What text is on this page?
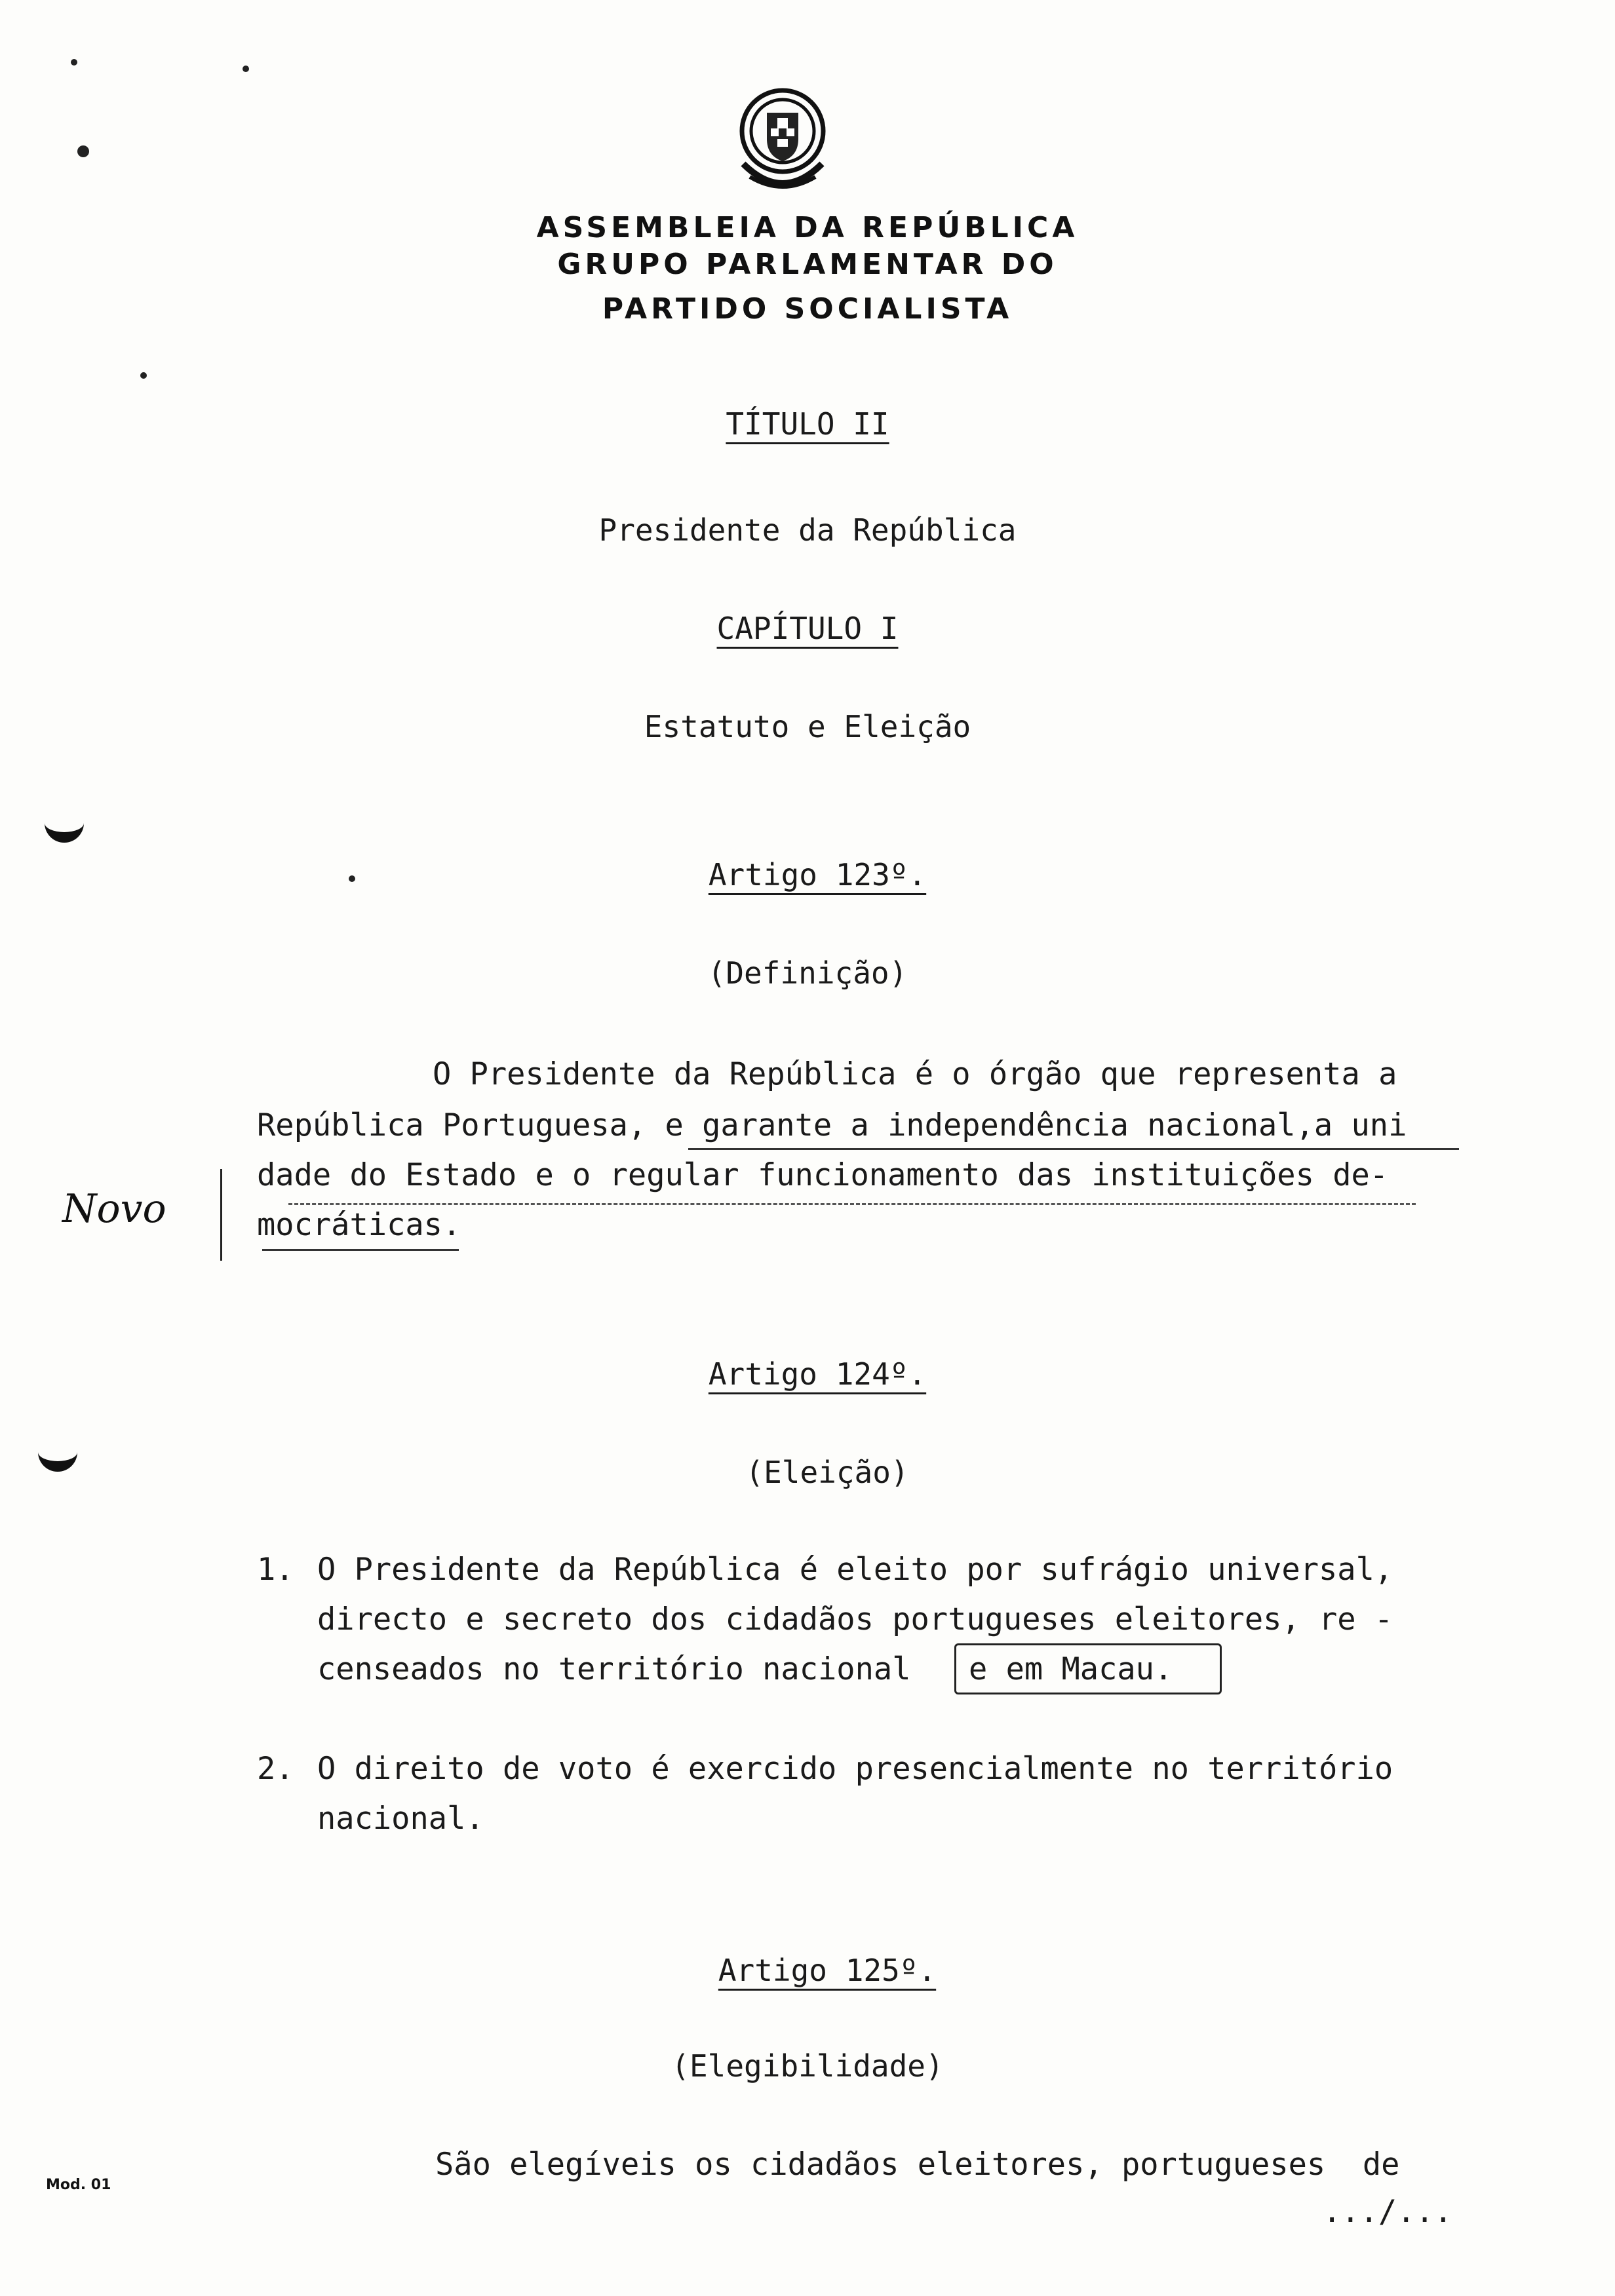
ASSEMBLEIA DA REPÚBLICA
GRUPO PARLAMENTAR DO
PARTIDO SOCIALISTA
TÍTULO II
Presidente da República
CAPÍTULO I
Estatuto e Eleição
Artigo 123º.
(Definição)
O Presidente da República é o órgão que representa a
República Portuguesa, e garante a independência nacional,a uni
dade do Estado e o regular funcionamento das instituições de-
mocráticas.
Novo
Artigo 124º.
(Eleição)
1. O Presidente da República é eleito por sufrágio universal,
directo e secreto dos cidadãos portugueses eleitores, re -
censeados no território nacional e em Macau.
2. O direito de voto é exercido presencialmente no território
nacional.
Artigo 125º.
(Elegibilidade)
São elegíveis os cidadãos eleitores, portugueses  de
.../...
Mod. 01
